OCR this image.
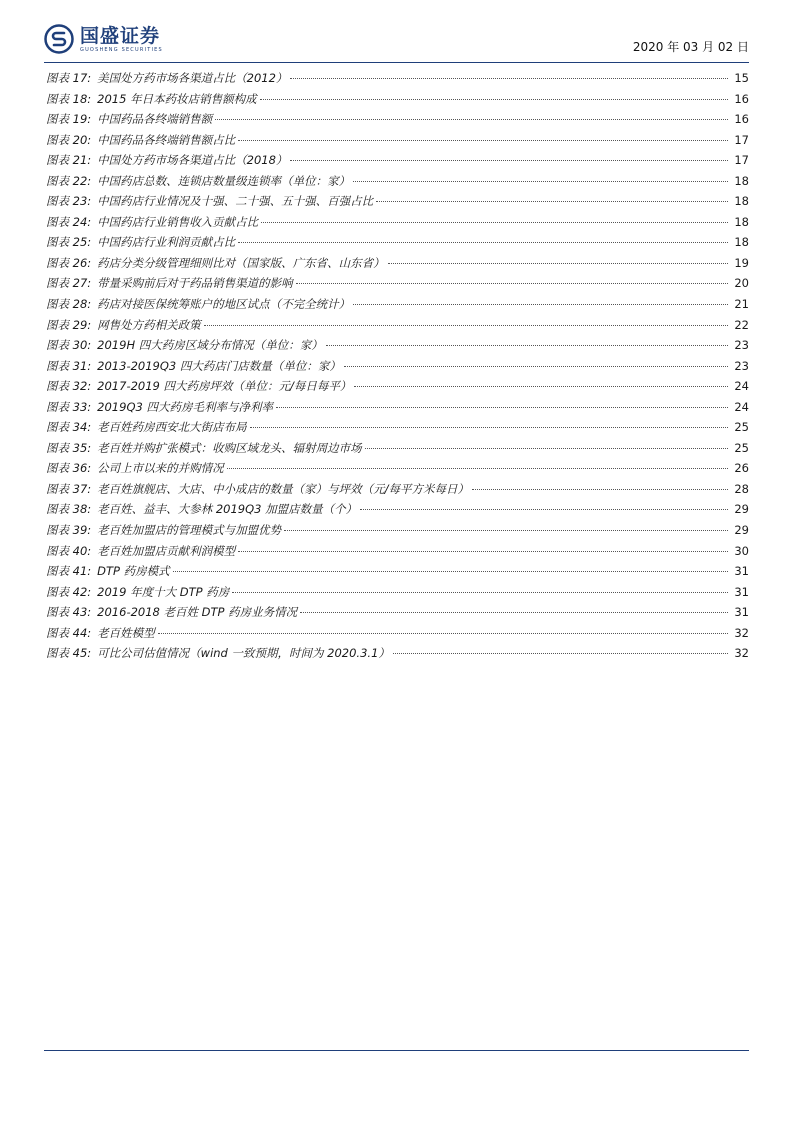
国盛证券
GUOSHENG SECURITIES	2020 年 03 月 02 日
图表 17: 美国处方药市场各渠道占比（2012）	15
图表 18: 2015 年日本药妆店销售额构成	16
图表 19: 中国药品各终端销售额	16
图表 20: 中国药品各终端销售额占比	17
图表 21: 中国处方药市场各渠道占比（2018）	17
图表 22: 中国药店总数、连锁店数量级连锁率（单位：家）	18
图表 23: 中国药店行业情况及十强、二十强、五十强、百强占比	18
图表 24: 中国药店行业销售收入贡献占比	18
图表 25: 中国药店行业利润贡献占比	18
图表 26: 药店分类分级管理细则比对（国家版、广东省、山东省）	19
图表 27: 带量采购前后对于药品销售渠道的影响	20
图表 28: 药店对接医保统筹账户的地区试点（不完全统计）	21
图表 29: 网售处方药相关政策	22
图表 30: 2019H 四大药房区域分布情况（单位：家）	23
图表 31: 2013-2019Q3 四大药店门店数量（单位：家）	23
图表 32: 2017-2019 四大药房坪效（单位：元/每日每平）	24
图表 33: 2019Q3 四大药房毛利率与净利率	24
图表 34: 老百姓药房西安北大街店布局	25
图表 35: 老百姓并购扩张模式：收购区域龙头、辐射周边市场	25
图表 36: 公司上市以来的并购情况	26
图表 37: 老百姓旗舰店、大店、中小成店的数量（家）与坪效（元/每平方米每日）	28
图表 38: 老百姓、益丰、大参林 2019Q3 加盟店数量（个）	29
图表 39: 老百姓加盟店的管理模式与加盟优势	29
图表 40: 老百姓加盟店贡献利润模型	30
图表 41: DTP 药房模式	31
图表 42: 2019 年度十大 DTP 药房	31
图表 43: 2016-2018 老百姓 DTP 药房业务情况	31
图表 44: 老百姓模型	32
图表 45: 可比公司估值情况（wind 一致预期，时间为 2020.3.1）	32
